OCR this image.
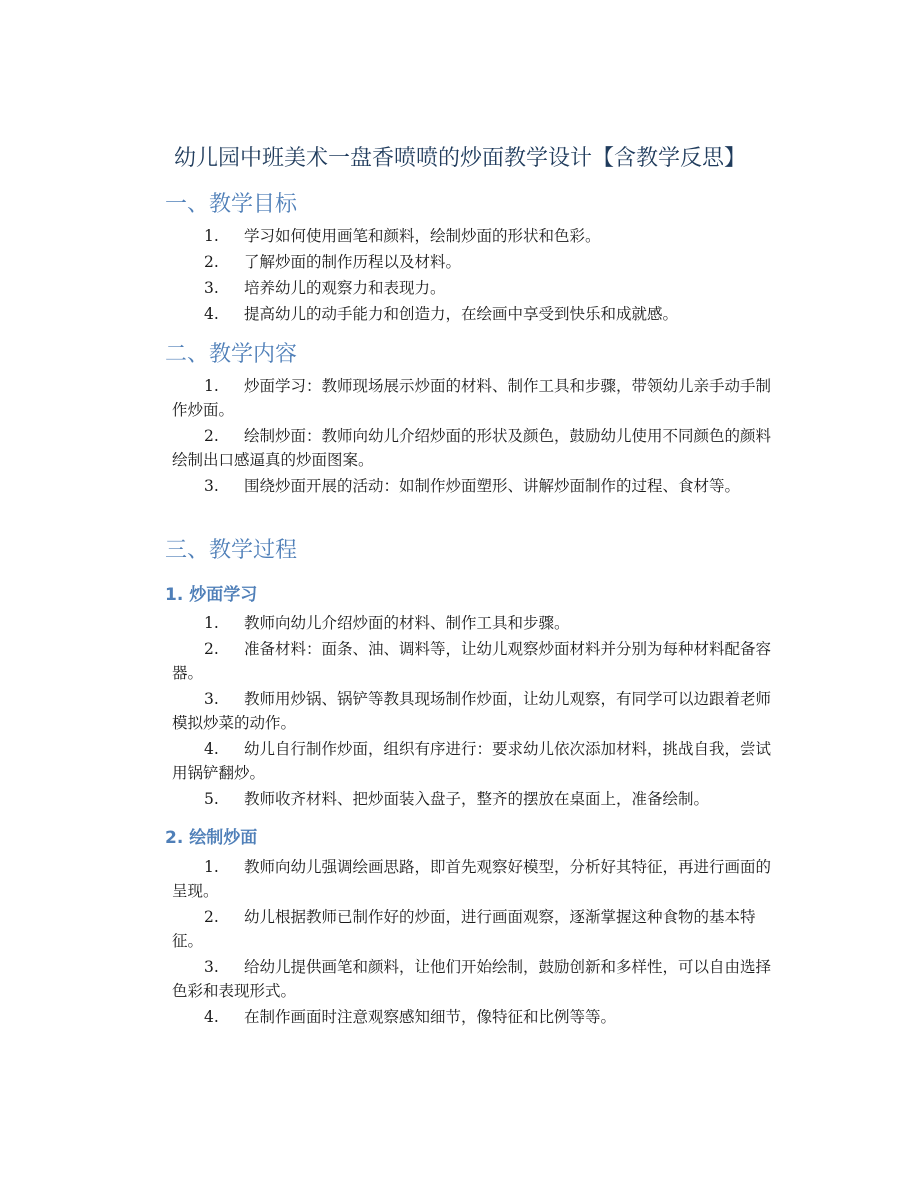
幼儿园中班美术一盘香喷喷的炒面教学设计【含教学反思】
一、教学目标
1. 学习如何使用画笔和颜料，绘制炒面的形状和色彩。
2. 了解炒面的制作历程以及材料。
3. 培养幼儿的观察力和表现力。
4. 提高幼儿的动手能力和创造力，在绘画中享受到快乐和成就感。
二、教学内容
1. 炒面学习：教师现场展示炒面的材料、制作工具和步骤，带领幼儿亲手动手制作炒面。
2. 绘制炒面：教师向幼儿介绍炒面的形状及颜色，鼓励幼儿使用不同颜色的颜料绘制出口感逼真的炒面图案。
3. 围绕炒面开展的活动：如制作炒面塑形、讲解炒面制作的过程、食材等。
三、教学过程
1. 炒面学习
1. 教师向幼儿介绍炒面的材料、制作工具和步骤。
2. 准备材料：面条、油、调料等，让幼儿观察炒面材料并分别为每种材料配备容器。
3. 教师用炒锅、锅铲等教具现场制作炒面，让幼儿观察，有同学可以边跟着老师模拟炒菜的动作。
4. 幼儿自行制作炒面，组织有序进行：要求幼儿依次添加材料，挑战自我，尝试用锅铲翻炒。
5. 教师收齐材料、把炒面装入盘子，整齐的摆放在桌面上，准备绘制。
2. 绘制炒面
1. 教师向幼儿强调绘画思路，即首先观察好模型，分析好其特征，再进行画面的呈现。
2. 幼儿根据教师已制作好的炒面，进行画面观察，逐渐掌握这种食物的基本特征。
3. 给幼儿提供画笔和颜料，让他们开始绘制，鼓励创新和多样性，可以自由选择色彩和表现形式。
4. 在制作画面时注意观察感知细节，像特征和比例等等。
